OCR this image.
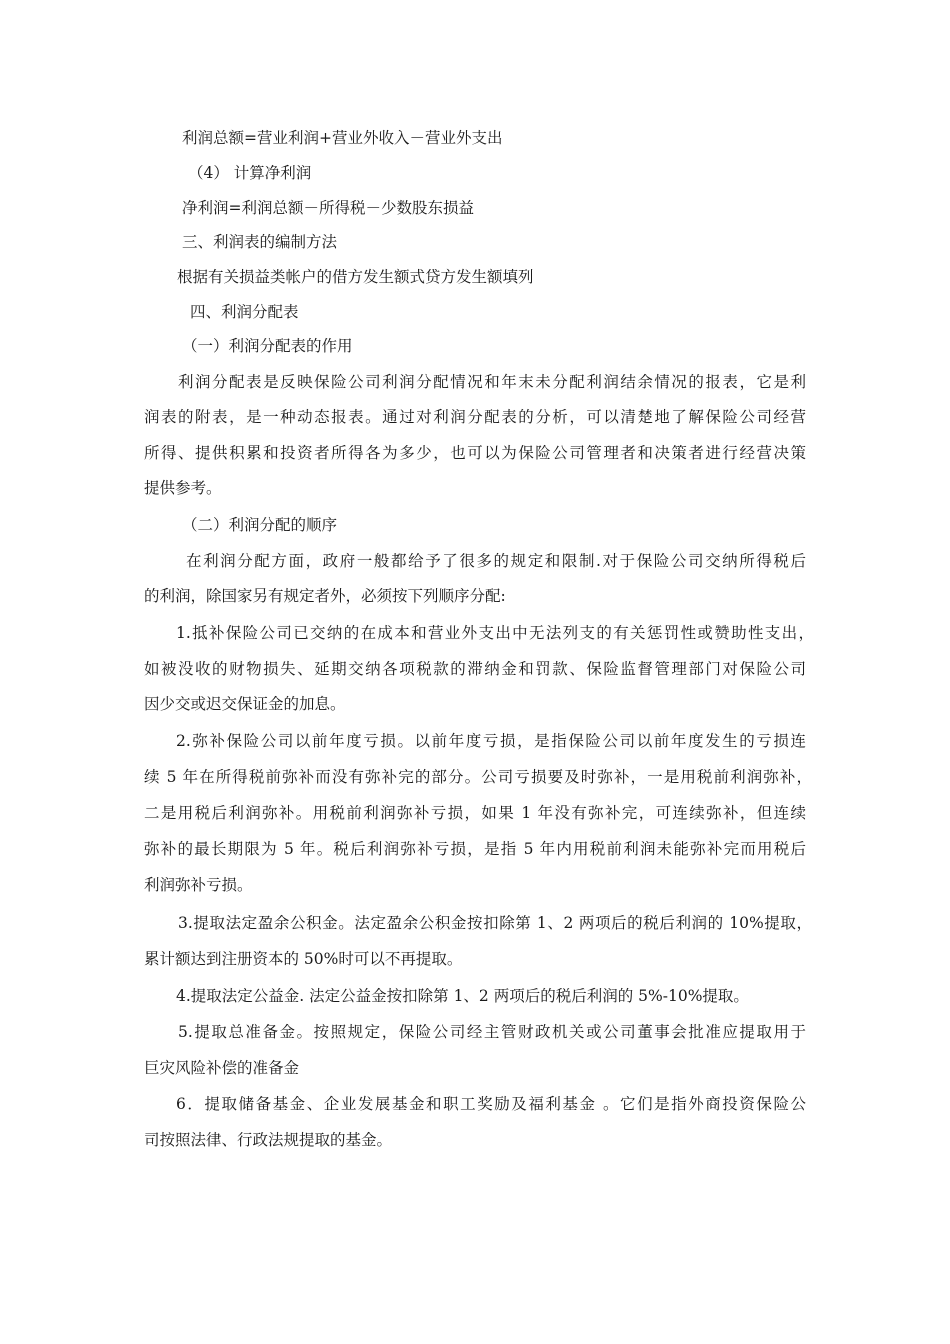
利润总额=营业利润+营业外收入－营业外支出
（4） 计算净利润
净利润=利润总额－所得税－少数股东损益
三、利润表的编制方法
根据有关损益类帐户的借方发生额式贷方发生额填列
四、利润分配表
（一）利润分配表的作用
利润分配表是反映保险公司利润分配情况和年末未分配利润结余情况的报表，它是利
润表的附表，是一种动态报表。通过对利润分配表的分析，可以清楚地了解保险公司经营
所得、提供积累和投资者所得各为多少，也可以为保险公司管理者和决策者进行经营决策
提供参考。
（二）利润分配的顺序
在利润分配方面，政府一般都给予了很多的规定和限制.对于保险公司交纳所得税后
的利润，除国家另有规定者外，必须按下列顺序分配:
1.抵补保险公司已交纳的在成本和营业外支出中无法列支的有关惩罚性或赞助性支出，
如被没收的财物损失、延期交纳各项税款的滞纳金和罚款、保险监督管理部门对保险公司
因少交或迟交保证金的加息。
2.弥补保险公司以前年度亏损。以前年度亏损，是指保险公司以前年度发生的亏损连
续 5 年在所得税前弥补而没有弥补完的部分。公司亏损要及时弥补，一是用税前利润弥补，
二是用税后利润弥补。用税前利润弥补亏损，如果 1 年没有弥补完，可连续弥补，但连续
弥补的最长期限为 5 年。税后利润弥补亏损，是指 5 年内用税前利润未能弥补完而用税后
利润弥补亏损。
3.提取法定盈余公积金。法定盈余公积金按扣除第 1、2 两项后的税后利润的 10%提取，
累计额达到注册资本的 50%时可以不再提取。
4.提取法定公益金. 法定公益金按扣除第 1、2 两项后的税后利润的 5%-10%提取。
5.提取总准备金。按照规定，保险公司经主管财政机关或公司董事会批准应提取用于
巨灾风险补偿的准备金
6．提取储备基金、企业发展基金和职工奖励及福利基金 。它们是指外商投资保险公
司按照法律、行政法规提取的基金。
